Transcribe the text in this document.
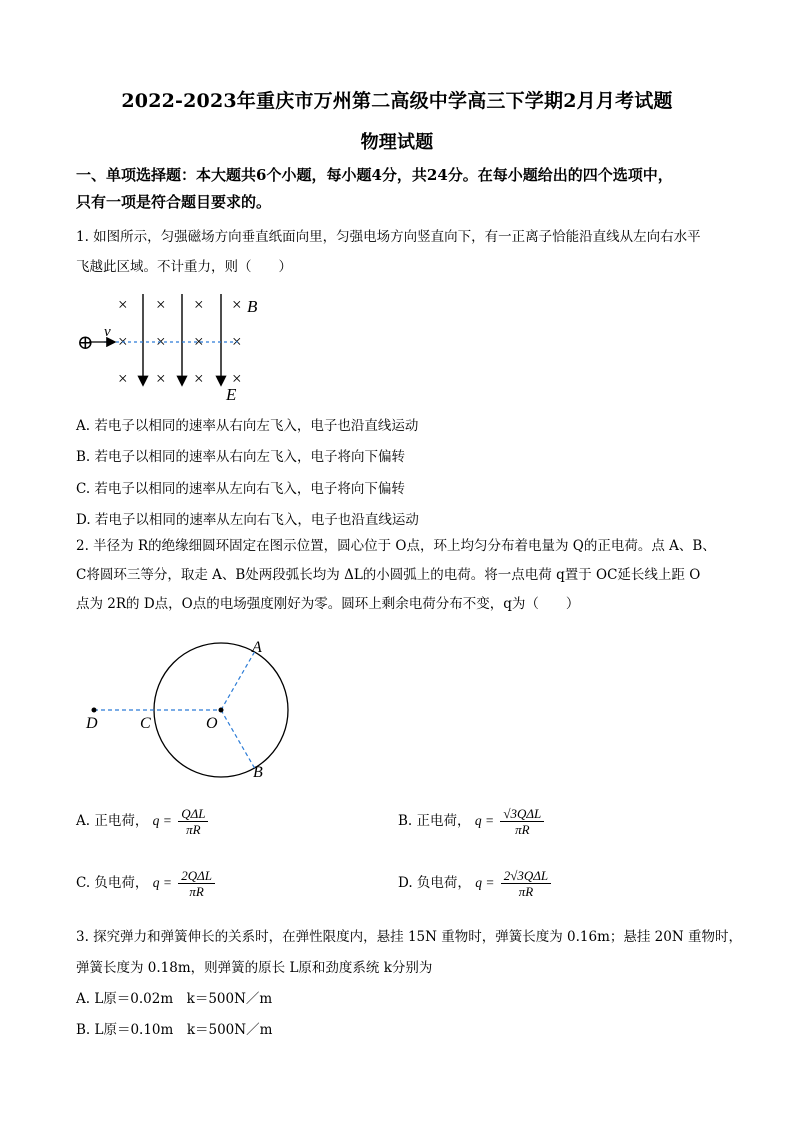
2022-2023年重庆市万州第二高级中学高三下学期2月月考试题
物理试题
一、单项选择题：本大题共6个小题，每小题4分，共24分。在每小题给出的四个选项中，
只有一项是符合题目要求的。
1. 如图所示，匀强磁场方向垂直纸面向里，匀强电场方向竖直向下，有一正离子恰能沿直线从左向右水平
飞越此区域。不计重力，则（　　）
× × × ×
× × × ×
× × × ×
⊕ v
B
E
A. 若电子以相同的速率从右向左飞入，电子也沿直线运动
B. 若电子以相同的速率从右向左飞入，电子将向下偏转
C. 若电子以相同的速率从左向右飞入，电子将向下偏转
D. 若电子以相同的速率从左向右飞入，电子也沿直线运动
2. 半径为 R的绝缘细圆环固定在图示位置，圆心位于 O点，环上均匀分布着电量为 Q的正电荷。点 A、B、
C将圆环三等分，取走 A、B处两段弧长均为 ΔL的小圆弧上的电荷。将一点电荷 q置于 OC延长线上距 O
点为 2R的 D点，O点的电场强度刚好为零。圆环上剩余电荷分布不变，q为（　　）
D	C	O
A
B
A. 正电荷， $q = \frac{\text{QΔL}}{\pi R}$	B. 正电荷， $q = \frac{\text{√3QΔL}}{\pi R}$
C. 负电荷， $q = \frac{\text{2QΔL}}{\pi R}$	D. 负电荷， $q = \frac{\text{2√3QΔL}}{\pi R}$
3. 探究弹力和弹簧伸长的关系时，在弹性限度内，悬挂 15N 重物时，弹簧长度为 0.16m；悬挂 20N 重物时，
弹簧长度为 0.18m，则弹簧的原长 L原和劲度系统 k分别为
A. L原＝0.02m　k＝500N／m
B. L原＝0.10m　k＝500N／m
